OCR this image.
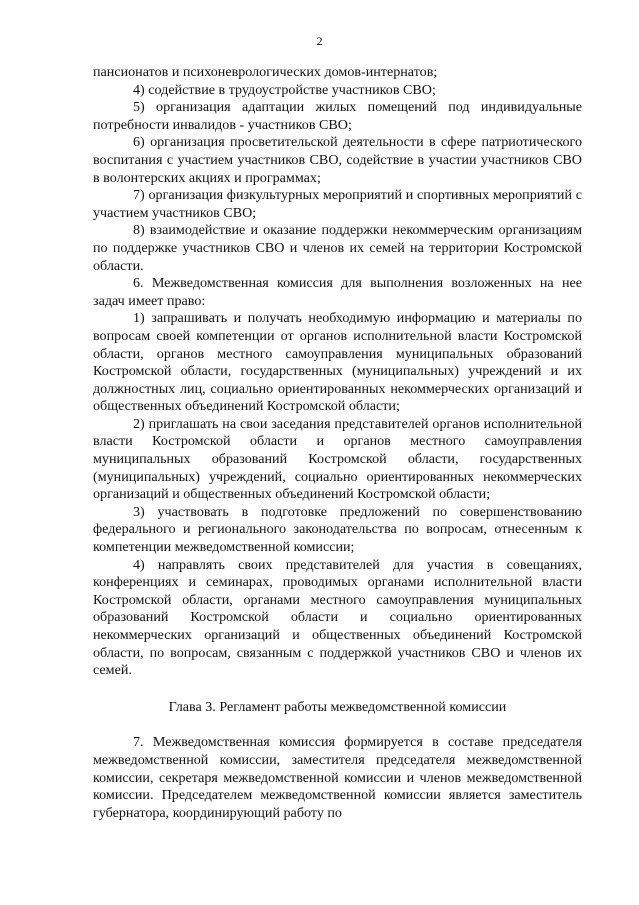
2

пансионатов и психоневрологических домов-интернатов;

4) содействие в трудоустройстве участников СВО;

5) организация адаптации жилых помещений под индивидуальные потребности инвалидов - участников СВО;

6) организация просветительской деятельности в сфере патриотического воспитания с участием участников СВО, содействие в участии участников СВО в волонтерских акциях и программах;

7) организация физкультурных мероприятий и спортивных мероприятий с участием участников СВО;

8) взаимодействие и оказание поддержки некоммерческим организациям по поддержке участников СВО и членов их семей на территории Костромской области.

6. Межведомственная комиссия для выполнения возложенных на нее задач имеет право:

1) запрашивать и получать необходимую информацию и материалы по вопросам своей компетенции от органов исполнительной власти Костромской области, органов местного самоуправления муниципальных образований Костромской области, государственных (муниципальных) учреждений и их должностных лиц, социально ориентированных некоммерческих организаций и общественных объединений Костромской области;

2) приглашать на свои заседания представителей органов исполнительной власти Костромской области и органов местного самоуправления муниципальных образований Костромской области, государственных (муниципальных) учреждений, социально ориентированных некоммерческих организаций и общественных объединений Костромской области;

3) участвовать в подготовке предложений по совершенствованию федерального и регионального законодательства по вопросам, отнесенным к компетенции межведомственной комиссии;

4) направлять своих представителей для участия в совещаниях, конференциях и семинарах, проводимых органами исполнительной власти Костромской области, органами местного самоуправления муниципальных образований Костромской области и социально ориентированных некоммерческих организаций и общественных объединений Костромской области, по вопросам, связанным с поддержкой участников СВО и членов их семей.

Глава 3. Регламент работы межведомственной комиссии

7. Межведомственная комиссия формируется в составе председателя межведомственной комиссии, заместителя председателя межведомственной комиссии, секретаря межведомственной комиссии и членов межведомственной комиссии. Председателем межведомственной комиссии является заместитель губернатора, координирующий работу по
